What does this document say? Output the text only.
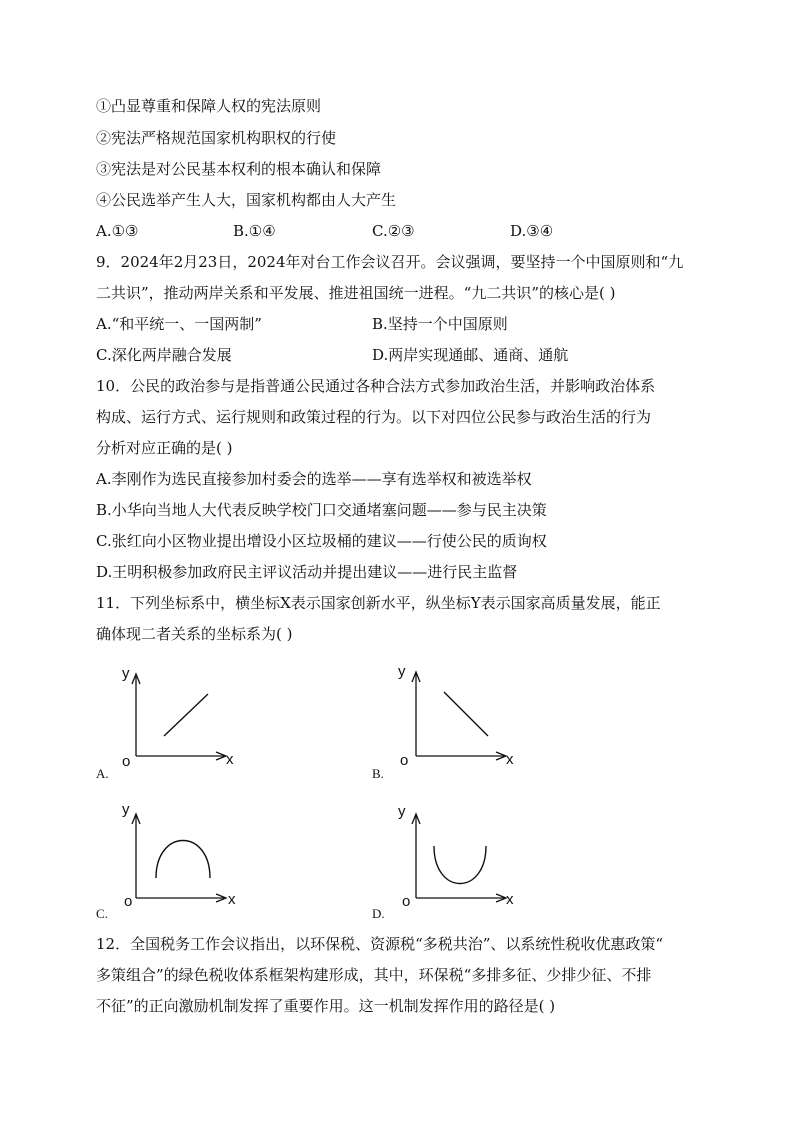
①凸显尊重和保障人权的宪法原则
②宪法严格规范国家机构职权的行使
③宪法是对公民基本权利的根本确认和保障
④公民选举产生人大，国家机构都由人大产生
A.①③	B.①④	C.②③	D.③④
9．2024年2月23日，2024年对台工作会议召开。会议强调，要坚持一个中国原则和“九
二共识”，推动两岸关系和平发展、推进祖国统一进程。“九二共识”的核心是( )
A.“和平统一、一国两制”	B.坚持一个中国原则
C.深化两岸融合发展	D.两岸实现通邮、通商、通航
10．公民的政治参与是指普通公民通过各种合法方式参加政治生活，并影响政治体系
构成、运行方式、运行规则和政策过程的行为。以下对四位公民参与政治生活的行为
分析对应正确的是( )
A.李刚作为选民直接参加村委会的选举——享有选举权和被选举权
B.小华向当地人大代表反映学校门口交通堵塞问题——参与民主决策
C.张红向小区物业提出增设小区垃圾桶的建议——行使公民的质询权
D.王明积极参加政府民主评议活动并提出建议——进行民主监督
11．下列坐标系中，横坐标X表示国家创新水平，纵坐标Y表示国家高质量发展，能正
确体现二者关系的坐标系为( )
y
o	x
A.
y
o	x
B.
y
o	x
C.
y
o	x
D.
12．全国税务工作会议指出，以环保税、资源税“多税共治”、以系统性税收优惠政策“
多策组合”的绿色税收体系框架构建形成，其中，环保税“多排多征、少排少征、不排
不征”的正向激励机制发挥了重要作用。这一机制发挥作用的路径是( )
